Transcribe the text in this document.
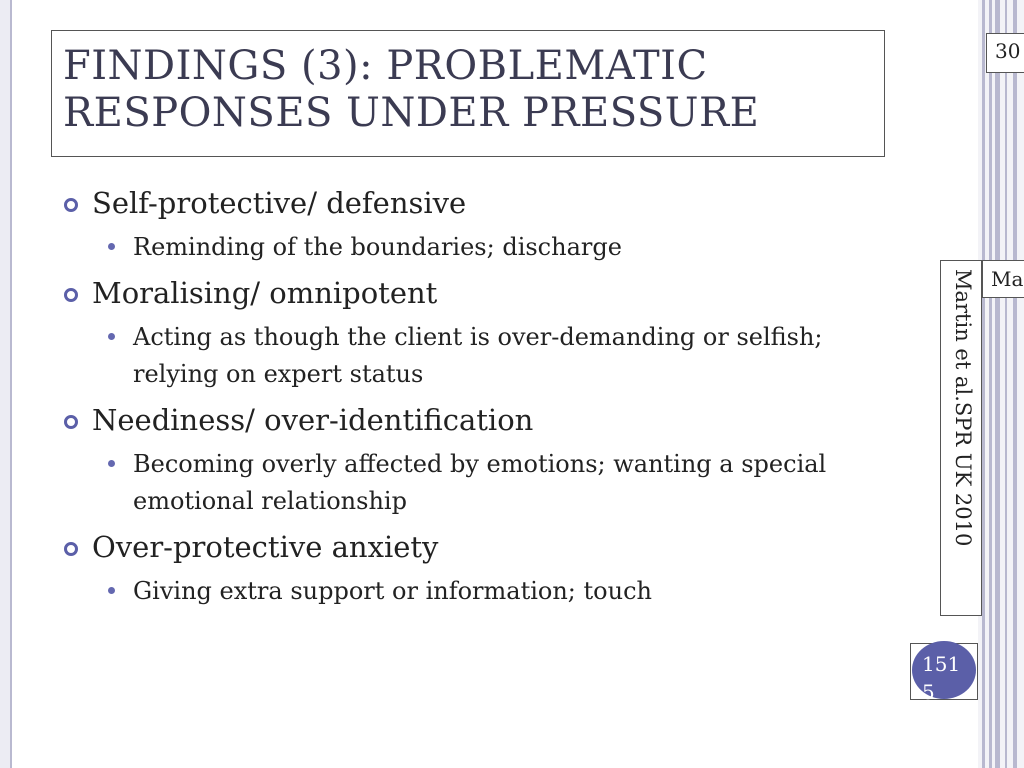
FINDINGS (3): PROBLEMATIC
RESPONSES UNDER PRESSURE
Self-protective/ defensive
Reminding of the boundaries; discharge
Moralising/ omnipotent
Acting as though the client is over-demanding or selfish; relying on expert status
Neediness/ over-identification
Becoming overly affected by emotions; wanting a special emotional relationship
Over-protective anxiety
Giving extra support or information; touch
30
Martin et al.SPR UK 2010 Ma
1515
